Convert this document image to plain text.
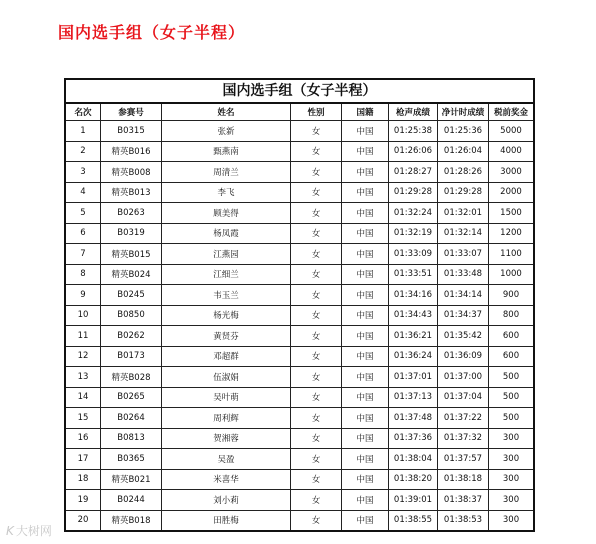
国内选手组（女子半程）
国内选手组（女子半程）
名次	参赛号	姓名	性别	国籍	枪声成绩	净计时成绩	税前奖金
1	B0315	张新	女	中国	01:25:38	01:25:36	5000
2	精英B016	甄燕南	女	中国	01:26:06	01:26:04	4000
3	精英B008	周清兰	女	中国	01:28:27	01:28:26	3000
4	精英B013	李飞	女	中国	01:29:28	01:29:28	2000
5	B0263	顾美得	女	中国	01:32:24	01:32:01	1500
6	B0319	杨凤霞	女	中国	01:32:19	01:32:14	1200
7	精英B015	江燕园	女	中国	01:33:09	01:33:07	1100
8	精英B024	江细兰	女	中国	01:33:51	01:33:48	1000
9	B0245	韦玉兰	女	中国	01:34:16	01:34:14	900
10	B0850	杨光梅	女	中国	01:34:43	01:34:37	800
11	B0262	黄贤芬	女	中国	01:36:21	01:35:42	600
12	B0173	邓超群	女	中国	01:36:24	01:36:09	600
13	精英B028	伍淑娟	女	中国	01:37:01	01:37:00	500
14	B0265	吴叶萌	女	中国	01:37:13	01:37:04	500
15	B0264	周利辉	女	中国	01:37:48	01:37:22	500
16	B0813	贺湘蓉	女	中国	01:37:36	01:37:32	300
17	B0365	吴盈	女	中国	01:38:04	01:37:57	300
18	精英B021	米喜华	女	中国	01:38:20	01:38:18	300
19	B0244	刘小莉	女	中国	01:39:01	01:38:37	300
20	精英B018	田胜梅	女	中国	01:38:55	01:38:53	300
K 大树网
